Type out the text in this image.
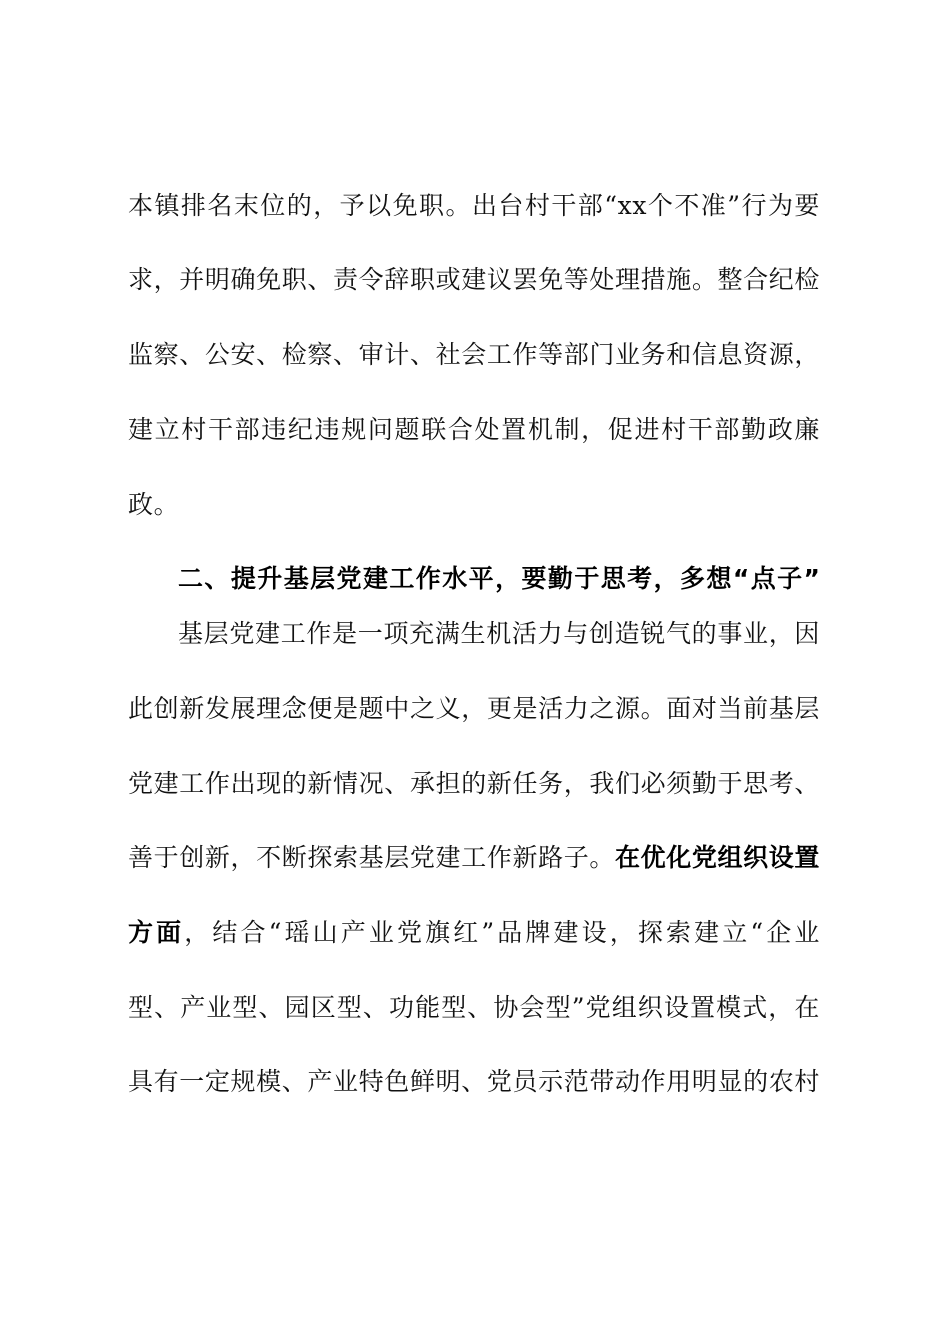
本镇排名末位的，予以免职。出台村干部“xx个不准”行为要
求，并明确免职、责令辞职或建议罢免等处理措施。整合纪检
监察、公安、检察、审计、社会工作等部门业务和信息资源，
建立村干部违纪违规问题联合处置机制，促进村干部勤政廉
政。
二、提升基层党建工作水平，要勤于思考，多想“点子”
基层党建工作是一项充满生机活力与创造锐气的事业，因
此创新发展理念便是题中之义，更是活力之源。面对当前基层
党建工作出现的新情况、承担的新任务，我们必须勤于思考、
善于创新，不断探索基层党建工作新路子。在优化党组织设置
方面，结合“瑶山产业党旗红”品牌建设，探索建立“企业
型、产业型、园区型、功能型、协会型”党组织设置模式，在
具有一定规模、产业特色鲜明、党员示范带动作用明显的农村
